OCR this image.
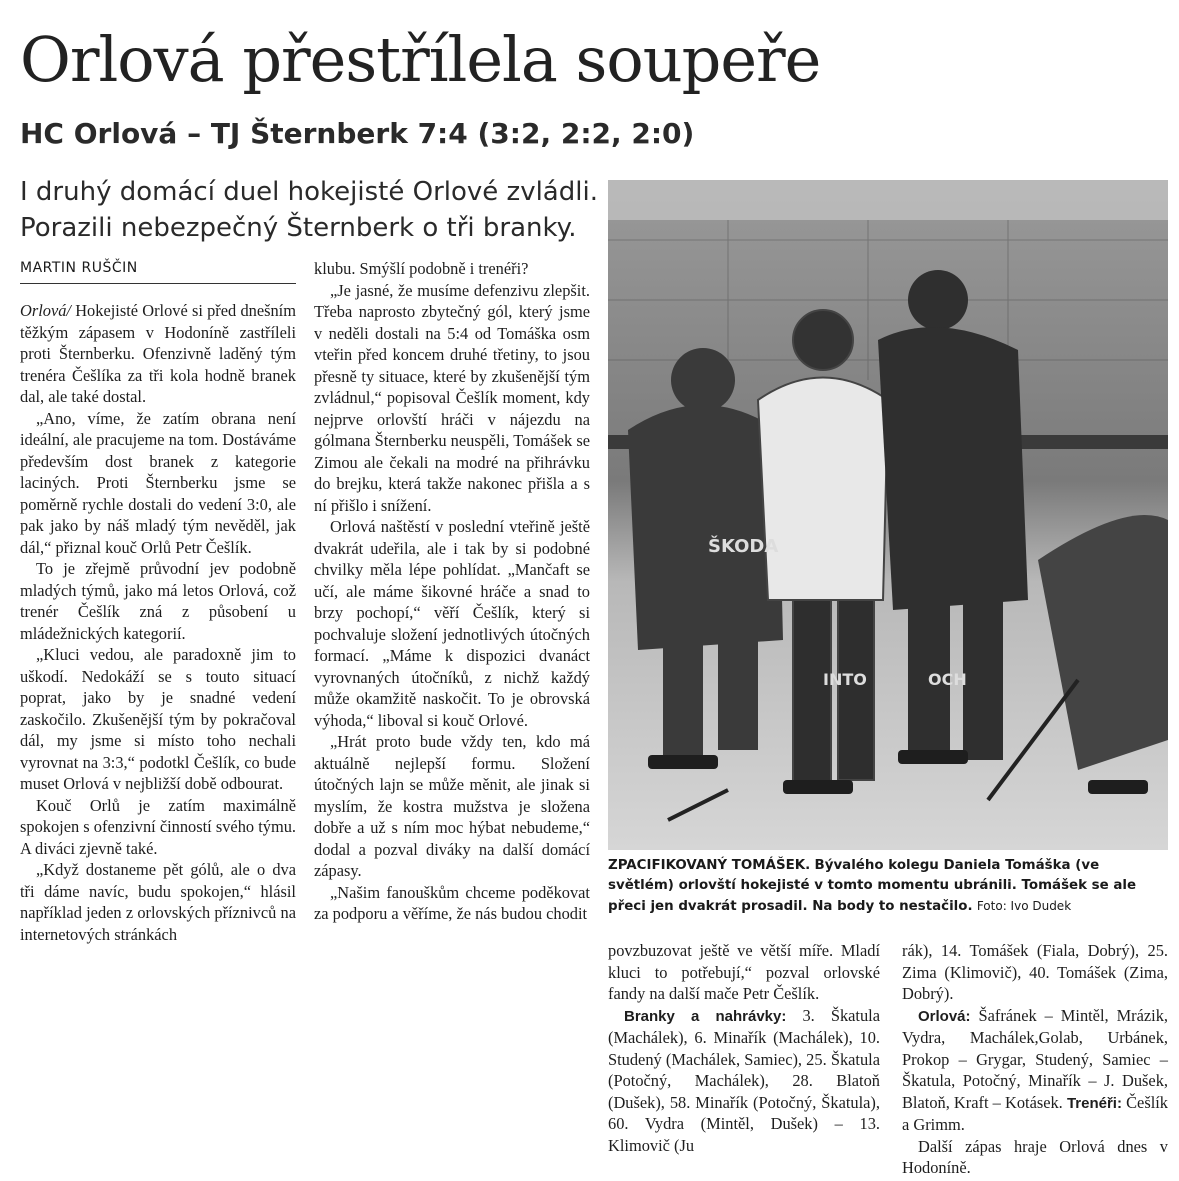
Orlová přestřílela soupeře
HC Orlová – TJ Šternberk 7:4 (3:2, 2:2, 2:0)
I druhý domácí duel hokejisté Orlové zvládli.
Porazili nebezpečný Šternberk o tři branky.
MARTIN RUŠČIN

Orlová/ Hokejisté Orlové si před dnešním těžkým zápasem v Hodoníně zastříleli proti Šternberku. Ofenzivně laděný tým trenéra Češlíka za tři kola hodně branek dal, ale také dostal.

„Ano, víme, že zatím obrana není ideální, ale pracujeme na tom. Dostáváme především dost branek z kategorie laciných. Proti Šternberku jsme se poměrně rychle dostali do vedení 3:0, ale pak jako by náš mladý tým nevěděl, jak dál,“ přiznal kouč Orlů Petr Češlík.

To je zřejmě průvodní jev podobně mladých týmů, jako má letos Orlová, což trenér Češlík zná z působení u mládežnických kategorií.

„Kluci vedou, ale paradoxně jim to uškodí. Nedokáží se s touto situací poprat, jako by je snadné vedení zaskočilo. Zkušenější tým by pokračoval dál, my jsme si místo toho nechali vyrovnat na 3:3,“ podotkl Češlík, co bude muset Orlová v nejbližší době odbourat.

Kouč Orlů je zatím maximálně spokojen s ofenzivní činností svého týmu. A diváci zjevně také.

„Když dostaneme pět gólů, ale o dva tři dáme navíc, budu spokojen,“ hlásil například jeden z orlovských příznivců na internetových stránkách

klubu. Smýšlí podobně i trenéři?

„Je jasné, že musíme defenzivu zlepšit. Třeba naprosto zbytečný gól, který jsme v neděli dostali na 5:4 od Tomáška osm vteřin před koncem druhé třetiny, to jsou přesně ty situace, které by zkušenější tým zvládnul,“ popisoval Češlík moment, kdy nejprve orlovští hráči v nájezdu na gólmana Šternberku neuspěli, Tomášek se Zimou ale čekali na modré na přihrávku do brejku, která takže nakonec přišla a s ní přišlo i snížení.

Orlová naštěstí v poslední vteřině ještě dvakrát udeřila, ale i tak by si podobné chvilky měla lépe pohlídat. „Mančaft se učí, ale máme šikovné hráče a snad to brzy pochopí,“ věří Češlík, který si pochvaluje složení jednotlivých útočných formací. „Máme k dispozici dvanáct vyrovnaných útočníků, z nichž každý může okamžitě naskočit. To je obrovská výhoda,“ liboval si kouč Orlové.

„Hrát proto bude vždy ten, kdo má aktuálně nejlepší formu. Složení útočných lajn se může měnit, ale jinak si myslím, že kostra mužstva je složena dobře a už s ním moc hýbat nebudeme,“ dodal a pozval diváky na další domácí zápasy.

„Našim fanouškům chceme poděkovat za podporu a věříme, že nás budou chodit

ŠKODA
INTO	OCH

ZPACIFIKOVANÝ TOMÁŠEK. Bývalého kolegu Daniela Tomáška (ve světlém) orlovští hokejisté v tomto momentu ubránili. Tomášek se ale přeci jen dvakrát prosadil. Na body to nestačilo. Foto: Ivo Dudek

povzbuzovat ještě ve větší míře. Mladí kluci to potřebují,“ pozval orlovské fandy na další mače Petr Češlík.

Branky a nahrávky: 3. Škatula (Machálek), 6. Minařík (Machálek), 10. Studený (Machálek, Samiec), 25. Škatula (Potočný, Machálek), 28. Blatoň (Dušek), 58. Minařík (Potočný, Škatula), 60. Vydra (Mintěl, Dušek) – 13. Klimovič (Ju

rák), 14. Tomášek (Fiala, Dobrý), 25. Zima (Klimovič), 40. Tomášek (Zima, Dobrý).

Orlová: Šafránek – Mintěl, Mrázik, Vydra, Machálek,Golab, Urbánek, Prokop – Grygar, Studený, Samiec – Škatula, Potočný, Minařík – J. Dušek, Blatoň, Kraft – Kotásek. Trenéři: Češlík a Grimm.

Další zápas hraje Orlová dnes v Hodoníně.
